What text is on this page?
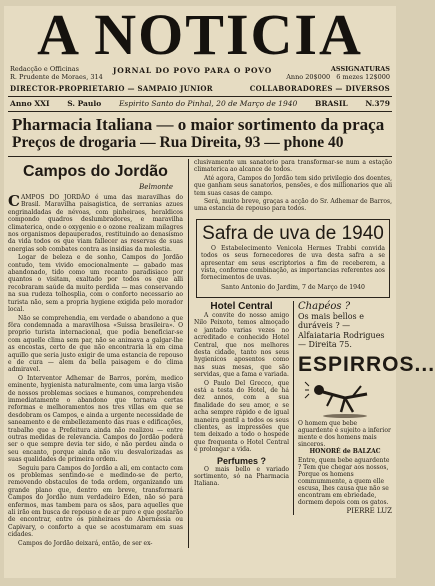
A NOTICIA
Redacção e Officinas
R. Prudente de Moraes, 314
JORNAL DO POVO PARA O POVO	ASSIGNATURAS
Anno 20$000 6 mezes 12$000
DIRECTOR-PROPRIETARIO — SAMPAIO JUNIOR	COLLABORADORES — DIVERSOS
Anno XXI S. Paulo Espirito Santo do Pinhal, 20 de Março de 1940 BRASIL N.379
Pharmacia Italiana — o maior sortimento da praça
Preços de drogaria — Rua Direita, 93 — phone 40
Campos do Jordão
Belmonte

CAMPOS DO JORDÃO é uma das maravilhas do Brasil. Maravilha paisagistica, de serranias azues engrinaldadas de névoas, com pinheiraes, heraldicos compondo quadros deslumbradores, e maravilha climaterica, onde o oxygenio e o ozone realizam milagres nos organismos depauperados, restituindo ao denasismo da vida todos os que viam fallecer as reservas de suas energias sob combates contra as insidias da molestia.

Logar de beleza e de sonho, Campos do Jordão contudo, tem vivido emocionalmente — gabado mas abandonado, tido como um recanto paradisiaco por quantos o visitam, exaltado por todos os que alli recobraram saúde da muito perdida — mas conservando na sua rudeza tolhosplia, com o conforto necessario ao turista não, sem a propria hygiene exigida pelo morador local.

Não se comprehendia, em verdade o abandono a que fôra condemnada a maravilhosa «Suissa brasileira». O proprio turista internacional, que podia beneficiar-se com aquelle clima sem par, não se animava a galgar-lhe as encostas, certo de que não encontraria lá em cima aquillo que seria justo exigir de uma estancia de repouso e de cura — alem da bella paisagem e do clima admiravel.

O Interventor Adhemar de Barros, porém, medico eminente, hygienista naturalmente, com uma larga visão de nossos problemas sociaes e humanos, comprehendeu immediatamente o abandono que tornava certas reformas e melhoramentos nos tres villas em que se desdobram os Campos, e ainda a urgente necessidade de saneamento e de embellezamento das ruas e edificações, trabalho que a Prefeitura ainda não realizou — entre outras medidas de relevancia. Campos do Jordão poderá ser o que sempre devia ter sido, e não perdeu ainda o seu encanto, porque ainda não viu desvalorizadas as suas qualidades de primeira ordem.

Seguiu para Campos do Jordão a ali, em contacto com os problemas sentindo-se e medindo-se de perto, removendo obstaculos de toda ordem, organizando um grande plano que, dentro em breve, transformará Campos do Jordão num verdadeiro Eden, não só para enfermos, mas tambem para os sãos, para aquelles que ali irão em busca de repouso e de ar puro e que gostarão de encontrar, entre os pinheiraes do Abernéssia ou Capivary, o conforto a que se acostumaram em suas cidades.

Campos do Jordão deixará, então, de ser ex-

clusivamente um sanatorio para transformar-se num a estação climaterica ao alcance de todos.

Até agora, Campos do Jordão tem sido privilegio dos doentes, que ganham seus sanatorios, pensões, e dos millionarios que ali tem suas casas de campo.

Será, muito breve, graças a acção do Sr. Adhemar de Barros, uma estancia de repouso para todos.

Safra de uva de 1940

O Estabelecimento Venicola Hermes Trabbi convida todos os seus fornecedores de uva desta safra a se apresentar em seus escriptorios a fim de receberem, a vista, conforme combinação, as importancias referentes aos fornecimentos de uvas.

Santo Antonio do Jardim, 7 de Março de 1940
Hotel Central

A convite do nosso amigo Nilo Peixoto, temos almoçado e jantado varias vezes no acreditado e conhecido Hotel Central, que nos melhores desta cidade, tanto nos seus hygienicos aposentos como nas suas mesas, que são servidas, que a fama e variada.

O Paulo Del Grecco, que está a testa do Hotel, de há dez annos, com a sua finalidade do seu amor, e se acha sempre rápido e de igual maneira gentil a todos os seus clientes, as impressões que tem deixado a todo o hospede que frequenta o Hotel Central é prolongar a vida.

Perfumes ?

O mais bello e variado sortimento, só na Pharmacia Italiana.

Chapéos ?
Os mais bellos e duráveis ? — Alfaiataria Rodrigues — Direita 75.
ESPIRROS...
O homem que bebe aguardente é sujeito a inferior mente e dos homens mais sinceros.
HONORÉ de BALZAC
Entre, quem bebe aguardente ? Tem que chegar aos nossos, Porque os homens commummente, a quem elle escusa, lhes causa que não se encontram em ebriedade, dormem depois com os gatos.
PIERRE LUZ
